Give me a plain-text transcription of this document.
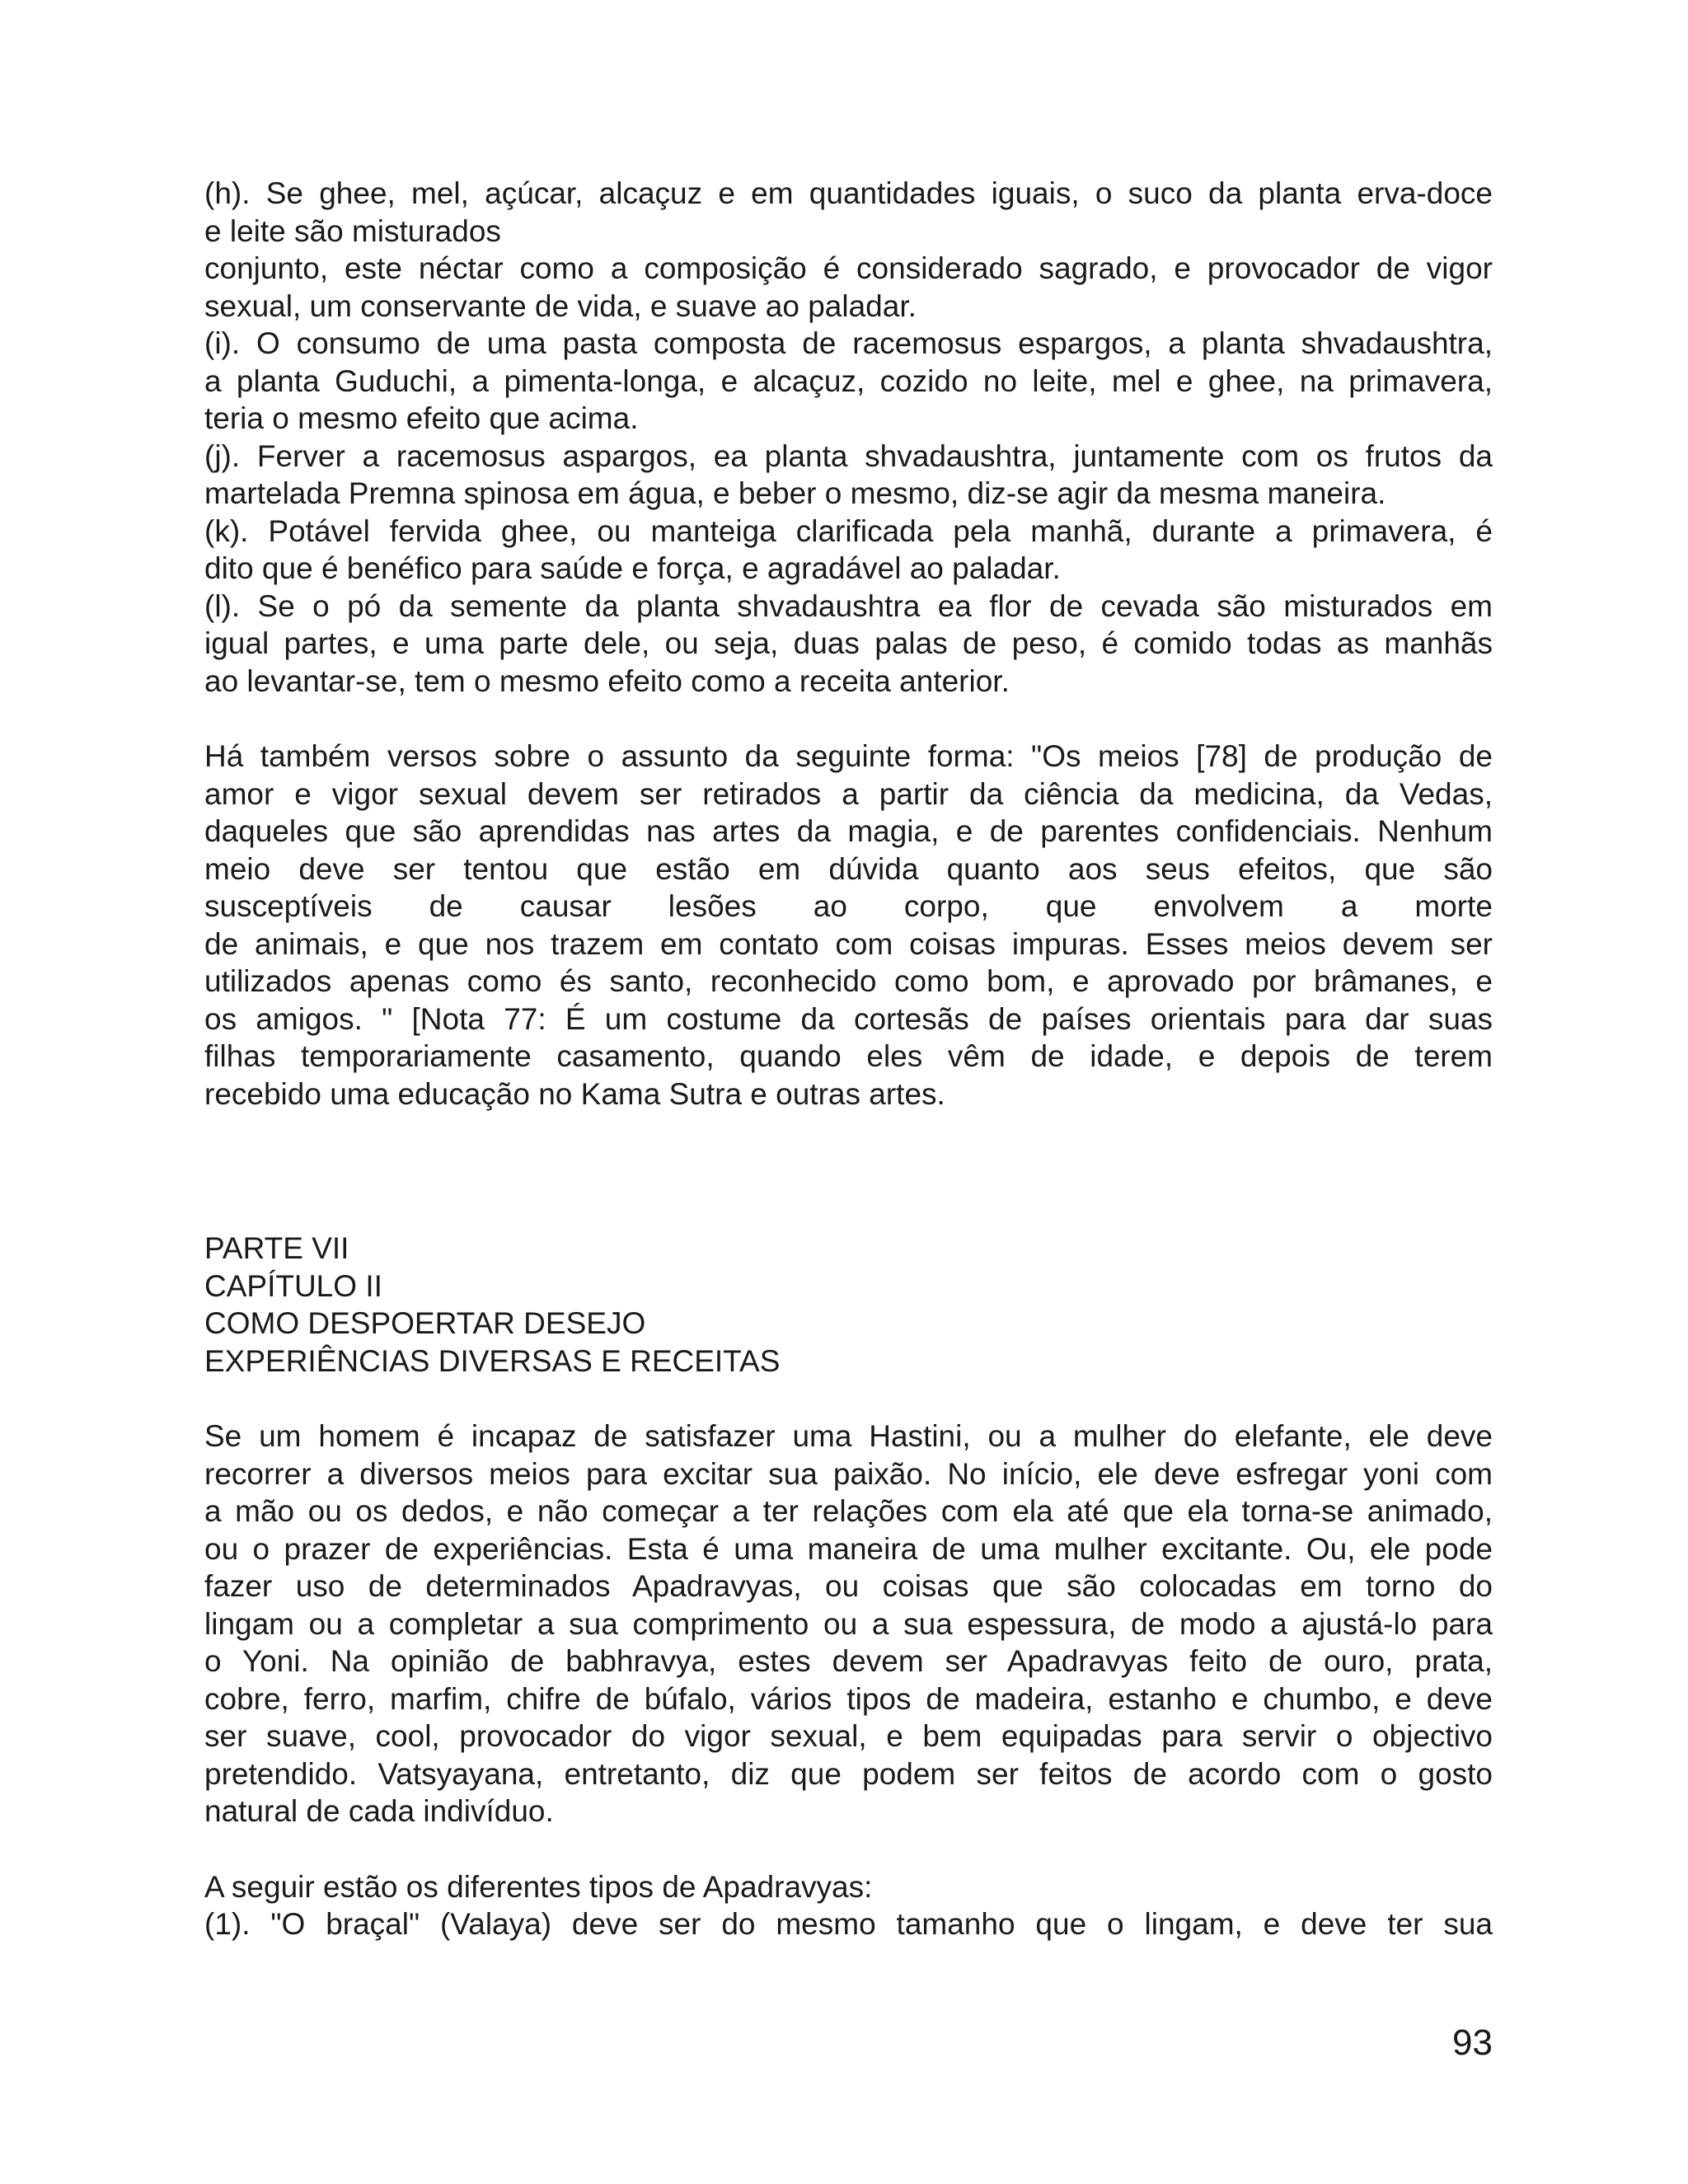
(h). Se ghee, mel, açúcar, alcaçuz e em quantidades iguais, o suco da planta erva-doce
e leite são misturados
conjunto, este néctar como a composição é considerado sagrado, e provocador de vigor
sexual, um conservante de vida, e suave ao paladar.
(i). O consumo de uma pasta composta de racemosus espargos, a planta shvadaushtra,
a planta Guduchi, a pimenta-longa, e alcaçuz, cozido no leite, mel e ghee, na primavera,
teria o mesmo efeito que acima.
(j). Ferver a racemosus aspargos, ea planta shvadaushtra, juntamente com os frutos da
martelada Premna spinosa em água, e beber o mesmo, diz-se agir da mesma maneira.
(k). Potável fervida ghee, ou manteiga clarificada pela manhã, durante a primavera, é
dito que é benéfico para saúde e força, e agradável ao paladar.
(l). Se o pó da semente da planta shvadaushtra ea flor de cevada são misturados em
igual partes, e uma parte dele, ou seja, duas palas de peso, é comido todas as manhãs
ao levantar-se, tem o mesmo efeito como a receita anterior.
Há também versos sobre o assunto da seguinte forma: "Os meios [78] de produção de
amor e vigor sexual devem ser retirados a partir da ciência da medicina, da Vedas,
daqueles que são aprendidas nas artes da magia, e de parentes confidenciais. Nenhum
meio deve ser tentou que estão em dúvida quanto aos seus efeitos, que são
susceptíveis de causar lesões ao corpo, que envolvem a morte
de animais, e que nos trazem em contato com coisas impuras. Esses meios devem ser
utilizados apenas como és santo, reconhecido como bom, e aprovado por brâmanes, e
os amigos. " [Nota 77: É um costume da cortesãs de países orientais para dar suas
filhas temporariamente casamento, quando eles vêm de idade, e depois de terem
recebido uma educação no Kama Sutra e outras artes.
PARTE VII
CAPÍTULO II
COMO DESPOERTAR DESEJO
EXPERIÊNCIAS DIVERSAS E RECEITAS
Se um homem é incapaz de satisfazer uma Hastini, ou a mulher do elefante, ele deve
recorrer a diversos meios para excitar sua paixão. No início, ele deve esfregar yoni com
a mão ou os dedos, e não começar a ter relações com ela até que ela torna-se animado,
ou o prazer de experiências. Esta é uma maneira de uma mulher excitante. Ou, ele pode
fazer uso de determinados Apadravyas, ou coisas que são colocadas em torno do
lingam ou a completar a sua comprimento ou a sua espessura, de modo a ajustá-lo para
o Yoni. Na opinião de babhravya, estes devem ser Apadravyas feito de ouro, prata,
cobre, ferro, marfim, chifre de búfalo, vários tipos de madeira, estanho e chumbo, e deve
ser suave, cool, provocador do vigor sexual, e bem equipadas para servir o objectivo
pretendido. Vatsyayana, entretanto, diz que podem ser feitos de acordo com o gosto
natural de cada indivíduo.
A seguir estão os diferentes tipos de Apadravyas:
(1). "O braçal" (Valaya) deve ser do mesmo tamanho que o lingam, e deve ter sua
93
